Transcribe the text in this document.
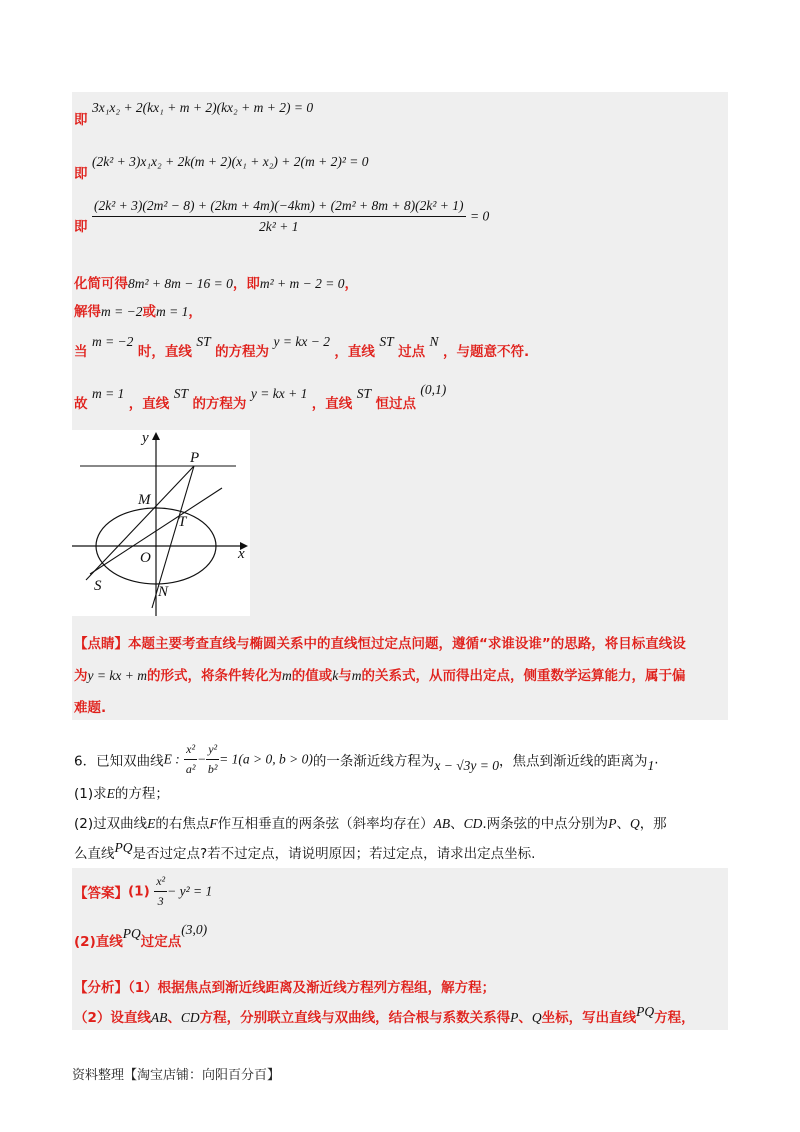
即 3x₁x₂ + 2(kx₁ + m + 2)(kx₂ + m + 2) = 0
即 (2k² + 3)x₁x₂ + 2k(m + 2)(x₁ + x₂) + 2(m + 2)² = 0
即
(2k² + 3)(2m² − 8) + (2km + 4m)(−4km) + (2m² + 8m + 8)(2k² + 1)
2k² + 1
= 0
化简可得8m² + 8m − 16 = 0，即m² + m − 2 = 0，
解得m = −2或m = 1，
当 m = −2 时，直线 ST 的方程为 y = kx − 2 ，直线 ST 过点 N ，与题意不符.
故 m = 1 ，直线 ST 的方程为 y = kx + 1 ，直线 ST 恒过点 (0,1)
y
x
P
M
T
O
S	N
【点睛】本题主要考查直线与椭圆关系中的直线恒过定点问题，遵循“求谁设谁”的思路，将目标直线设
为y = kx + m的形式，将条件转化为m的值或k与m的关系式，从而得出定点，侧重数学运算能力，属于偏
难题.
6．已知双曲线E : $\frac{\text{x²}}{\text{a²}} - \frac{\text{y²}}{\text{b²}} = 1(a > 0$, b > 0)的一条渐近线方程为x − √3y = 0，焦点到渐近线的距离为1.
(1)求E的方程；
(2)过双曲线E的右焦点F作互相垂直的两条弦（斜率均存在）AB、CD.两条弦的中点分别为P、Q，那
么直线PQ是否过定点?若不过定点，请说明原因；若过定点，请求出定点坐标.
【答案】$(1) \frac{\text{x²}}{3} - y^2 = 1$
(2)直线PQ过定点(3,0)
【分析】（1）根据焦点到渐近线距离及渐近线方程列方程组，解方程；
（2）设直线AB、CD方程，分别联立直线与双曲线，结合根与系数关系得P、Q坐标，写出直线PQ方程，
资料整理【淘宝店铺：向阳百分百】
